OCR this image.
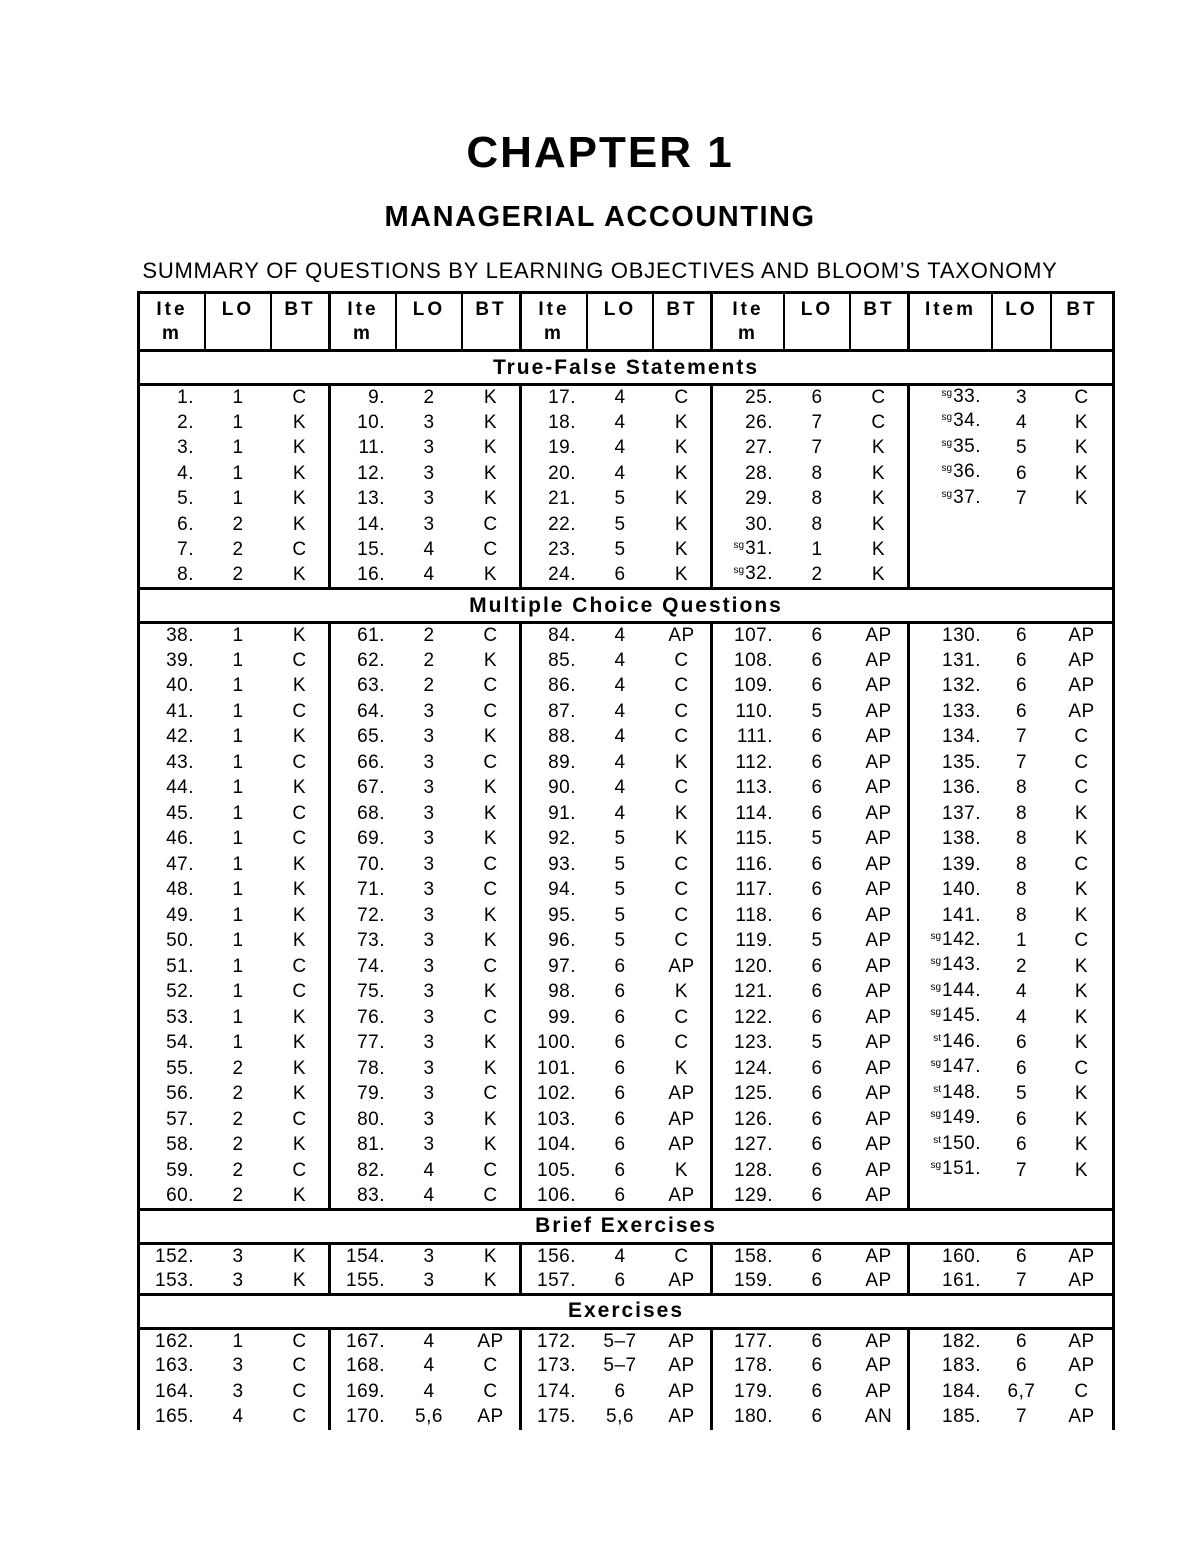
CHAPTER 1
MANAGERIAL ACCOUNTING
SUMMARY OF QUESTIONS BY LEARNING OBJECTIVES AND BLOOM’S TAXONOMY
Ite m	LO	BT	Ite m	LO	BT	Ite m	LO	BT	Ite m	LO	BT	Item	LO	BT
True-False Statements														
1.	1	C	9.	2	K	17.	4	C	25.	6	C	$^{sg}$33.	3	C
2.	1	K	10.	3	K	18.	4	K	26.	7	C	$^{sg}$34.	4	K
3.	1	K	11.	3	K	19.	4	K	27.	7	K	$^{sg}$35.	5	K
4.	1	K	12.	3	K	20.	4	K	28.	8	K	$^{sg}$36.	6	K
5.	1	K	13.	3	K	21.	5	K	29.	8	K	$^{sg}$37.	7	K
6.	2	K	14.	3	C	22.	5	K	30.	8	K			
7.	2	C	15.	4	C	23.	5	K	$^{sg}$31.	1	K			
8.	2	K	16.	4	K	24.	6	K	$^{sg}$32.	2	K			
Multiple Choice Questions														
38.	1	K	61.	2	C	84.	4	AP	107.	6	AP	130.	6	AP
39.	1	C	62.	2	K	85.	4	C	108.	6	AP	131.	6	AP
40.	1	K	63.	2	C	86.	4	C	109.	6	AP	132.	6	AP
41.	1	C	64.	3	C	87.	4	C	110.	5	AP	133.	6	AP
42.	1	K	65.	3	K	88.	4	C	111.	6	AP	134.	7	C
43.	1	C	66.	3	C	89.	4	K	112.	6	AP	135.	7	C
44.	1	K	67.	3	K	90.	4	C	113.	6	AP	136.	8	C
45.	1	C	68.	3	K	91.	4	K	114.	6	AP	137.	8	K
46.	1	C	69.	3	K	92.	5	K	115.	5	AP	138.	8	K
47.	1	K	70.	3	C	93.	5	C	116.	6	AP	139.	8	C
48.	1	K	71.	3	C	94.	5	C	117.	6	AP	140.	8	K
49.	1	K	72.	3	K	95.	5	C	118.	6	AP	141.	8	K
50.	1	K	73.	3	K	96.	5	C	119.	5	AP	$^{sg}$142.	1	C
51.	1	C	74.	3	C	97.	6	AP	120.	6	AP	$^{sg}$143.	2	K
52.	1	C	75.	3	K	98.	6	K	121.	6	AP	$^{sg}$144.	4	K
53.	1	K	76.	3	C	99.	6	C	122.	6	AP	$^{sg}$145.	4	K
54.	1	K	77.	3	K	100.	6	C	123.	5	AP	$^{st}$146.	6	K
55.	2	K	78.	3	K	101.	6	K	124.	6	AP	$^{sg}$147.	6	C
56.	2	K	79.	3	C	102.	6	AP	125.	6	AP	$^{st}$148.	5	K
57.	2	C	80.	3	K	103.	6	AP	126.	6	AP	$^{sg}$149.	6	K
58.	2	K	81.	3	K	104.	6	AP	127.	6	AP	$^{st}$150.	6	K
59.	2	C	82.	4	C	105.	6	K	128.	6	AP	$^{sg}$151.	7	K
60.	2	K	83.	4	C	106.	6	AP	129.	6	AP			
Brief Exercises														
152.	3	K	154.	3	K	156.	4	C	158.	6	AP	160.	6	AP
153.	3	K	155.	3	K	157.	6	AP	159.	6	AP	161.	7	AP
Exercises														
162.	1	C	167.	4	AP	172.	5–7	AP	177.	6	AP	182.	6	AP
163.	3	C	168.	4	C	173.	5–7	AP	178.	6	AP	183.	6	AP
164.	3	C	169.	4	C	174.	6	AP	179.	6	AP	184.	6,7	C
165.	4	C	170.	5,6	AP	175.	5,6	AP	180.	6	AN	185.	7	AP
